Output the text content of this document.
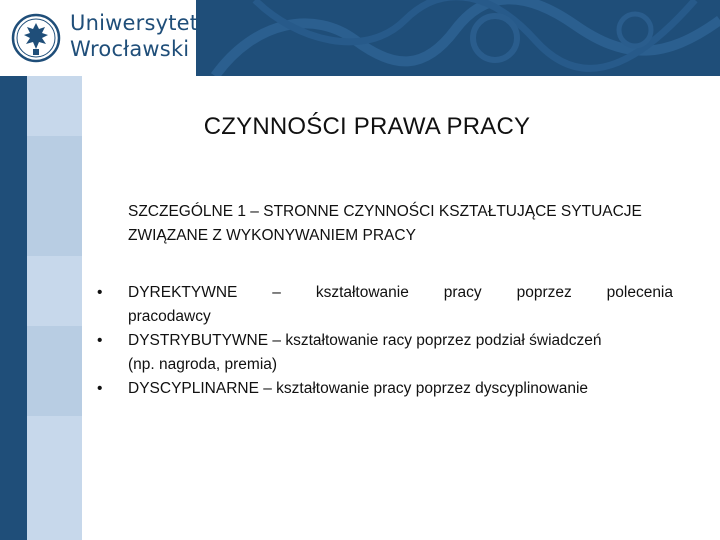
Uniwersytet
Wrocławski
CZYNNOŚCI PRAWA PRACY
SZCZEGÓLNE 1 – STRONNE CZYNNOŚCI KSZTAŁTUJĄCE SYTUACJE
ZWIĄZANE Z WYKONYWANIEM PRACY
•	DYREKTYWNE – kształtowanie pracy poprzez polecenia
pracodawcy
•	DYSTRYBUTYWNE – kształtowanie racy poprzez podział świadczeń
(np. nagroda, premia)
•	DYSCYPLINARNE – kształtowanie pracy poprzez dyscyplinowanie
